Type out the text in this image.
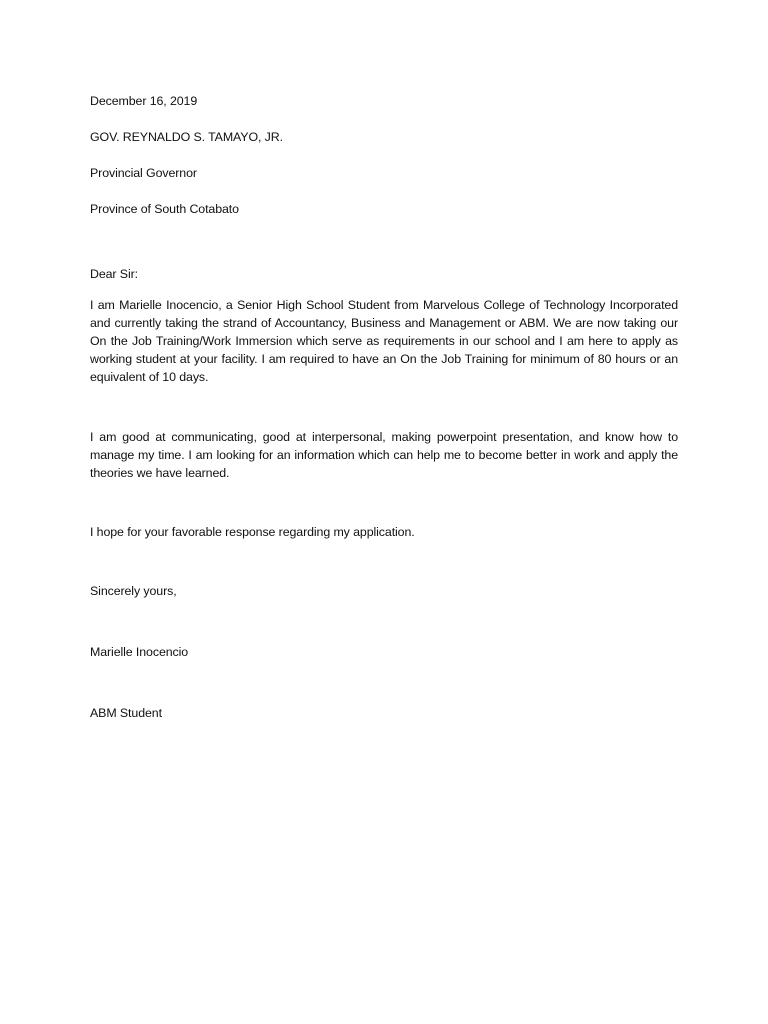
December 16, 2019

GOV. REYNALDO S. TAMAYO, JR.

Provincial Governor

Province of South Cotabato

Dear Sir:

I am Marielle Inocencio, a Senior High School Student from Marvelous College of Technology Incorporated and currently taking the strand of Accountancy, Business and Management or ABM. We are now taking our On the Job Training/Work Immersion which serve as requirements in our school and I am here to apply as working student at your facility. I am required to have an On the Job Training for minimum of 80 hours or an equivalent of 10 days.

I am good at communicating, good at interpersonal, making powerpoint presentation, and know how to manage my time. I am looking for an information which can help me to become better in work and apply the theories we have learned.

I hope for your favorable response regarding my application.

Sincerely yours,

Marielle Inocencio

ABM Student
